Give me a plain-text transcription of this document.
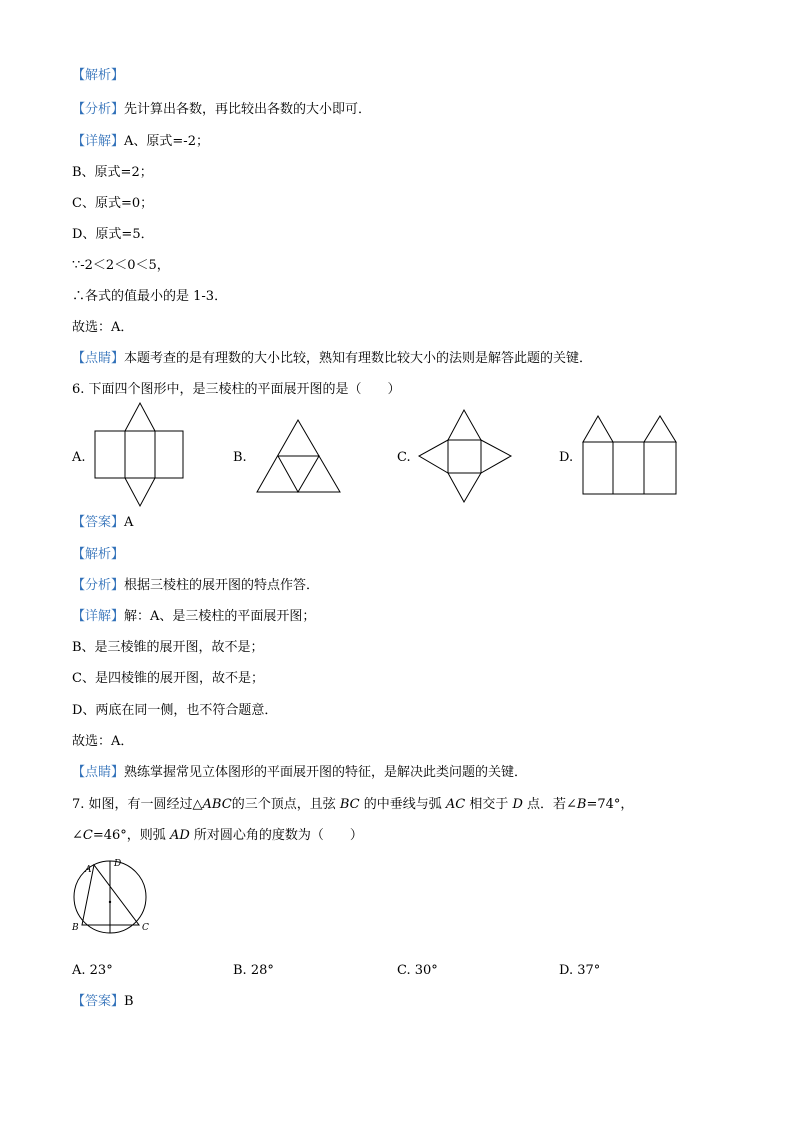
【解析】
【分析】先计算出各数，再比较出各数的大小即可．
【详解】A、原式=-2；
B、原式=2；
C、原式=0；
D、原式=5．
∵-2＜2＜0＜5，
∴各式的值最小的是 1-3．
故选：A．
【点睛】本题考查的是有理数的大小比较，熟知有理数比较大小的法则是解答此题的关键．
6. 下面四个图形中，是三棱柱的平面展开图的是（　　）
A.	B.	C.	D.
【答案】A
【解析】
【分析】根据三棱柱的展开图的特点作答．
【详解】解：A、是三棱柱的平面展开图；
B、是三棱锥的展开图，故不是；
C、是四棱锥的展开图，故不是；
D、两底在同一侧，也不符合题意．
故选：A．
【点睛】熟练掌握常见立体图形的平面展开图的特征，是解决此类问题的关键．
7. 如图，有一圆经过△ABC的三个顶点，且弦 BC 的中垂线与弧 AC 相交于 D 点．若∠B=74°，
∠C=46°，则弧 AD 所对圆心角的度数为（　　）
A
D
B	C
A. 23°	B. 28°	C. 30°	D. 37°
【答案】B
